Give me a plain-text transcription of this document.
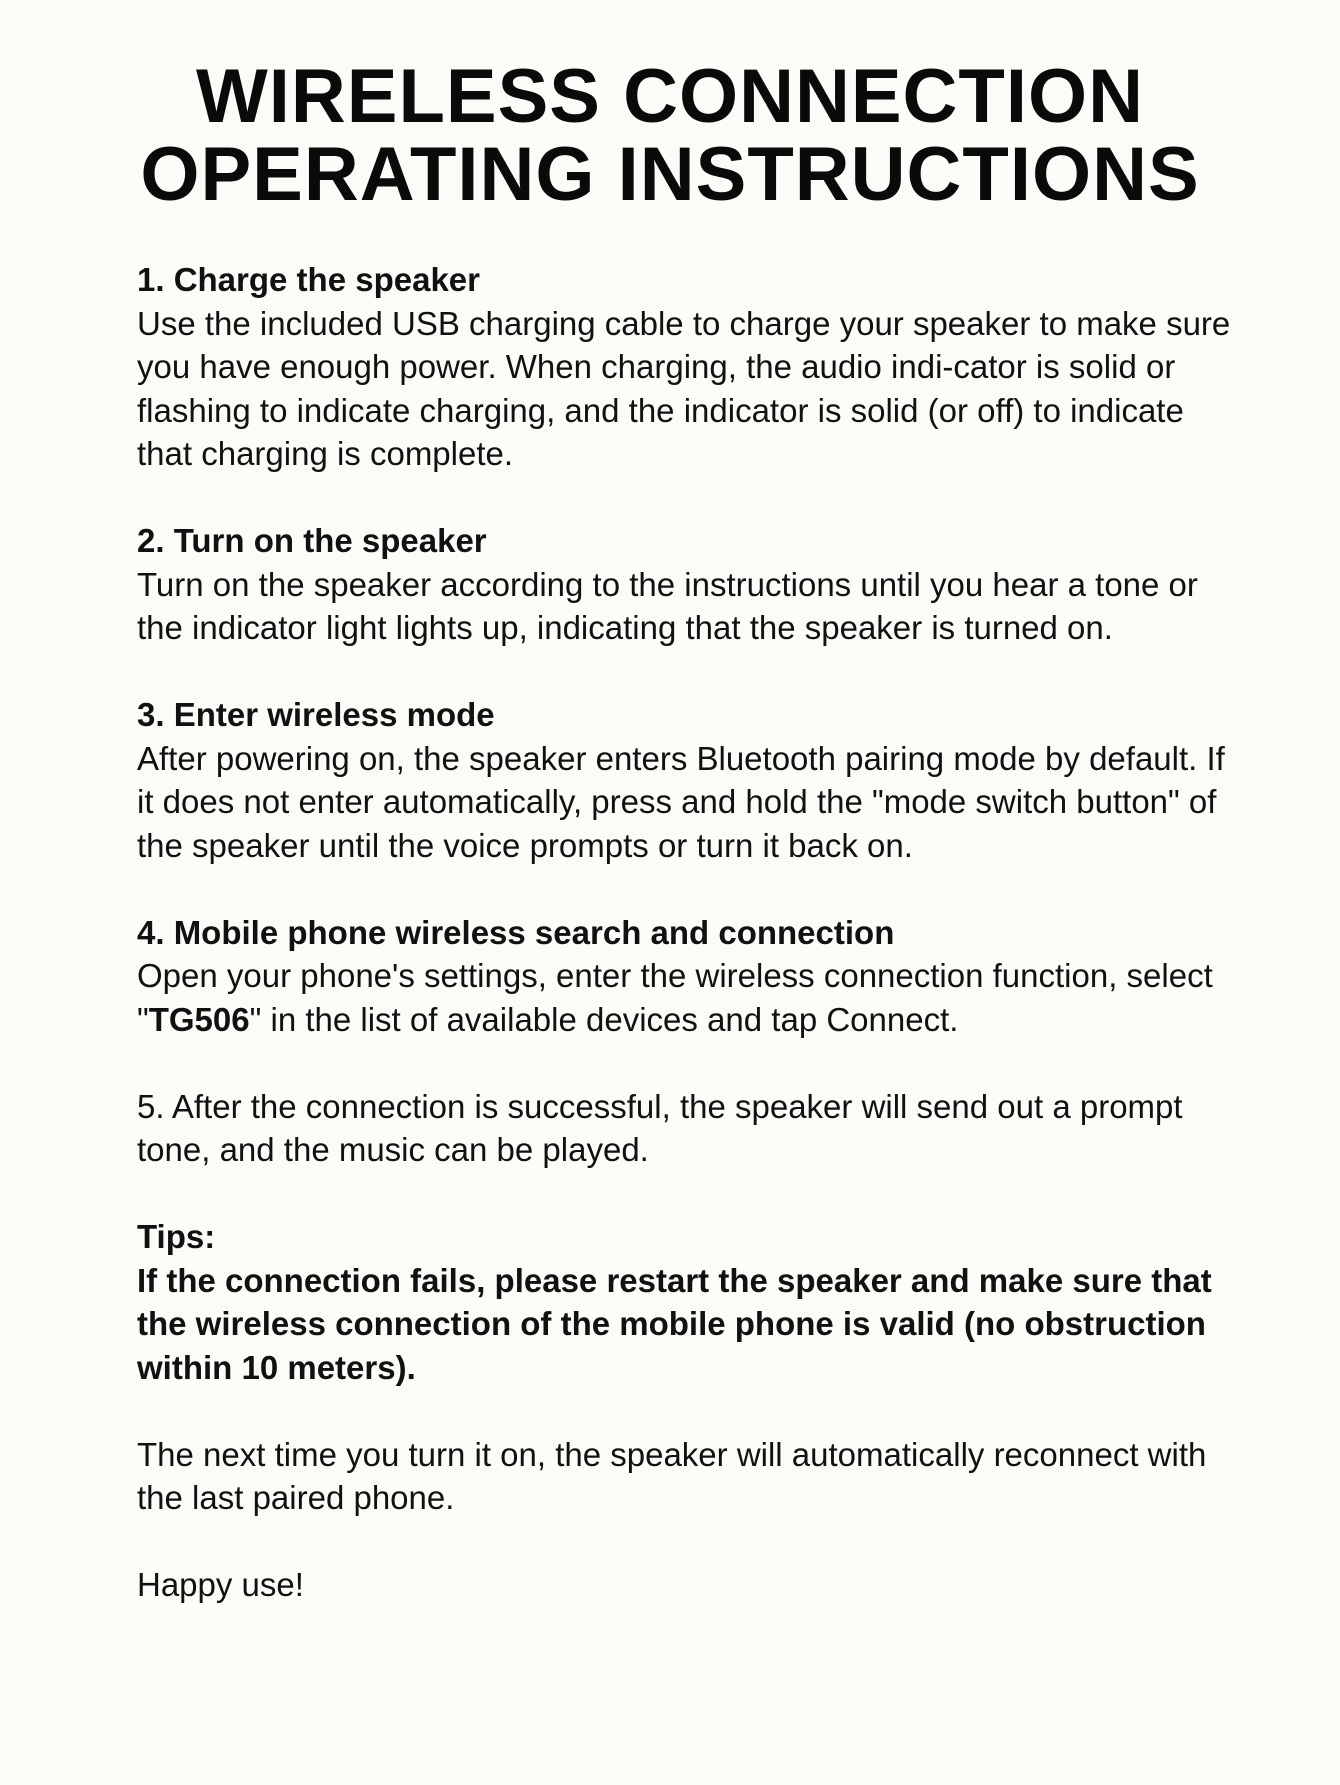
WIRELESS CONNECTION
OPERATING INSTRUCTIONS

1. Charge the speaker

Use the included USB charging cable to charge your speaker to make sure you have enough power. When charging, the audio indi-cator is solid or flashing to indicate charging, and the indicator is solid (or off) to indicate that charging is complete.

2. Turn on the speaker

Turn on the speaker according to the instructions until you hear a tone or the indicator light lights up, indicating that the speaker is turned on.

3. Enter wireless mode

After powering on, the speaker enters Bluetooth pairing mode by default. If it does not enter automatically, press and hold the "mode switch button" of the speaker until the voice prompts or turn it back on.

4. Mobile phone wireless search and connection

Open your phone's settings, enter the wireless connection function, select "TG506" in the list of available devices and tap Connect.

5. After the connection is successful, the speaker will send out a prompt tone, and the music can be played.

Tips:

If the connection fails, please restart the speaker and make sure that the wireless connection of the mobile phone is valid (no obstruction within 10 meters).

The next time you turn it on, the speaker will automatically reconnect with the last paired phone.

Happy use!
